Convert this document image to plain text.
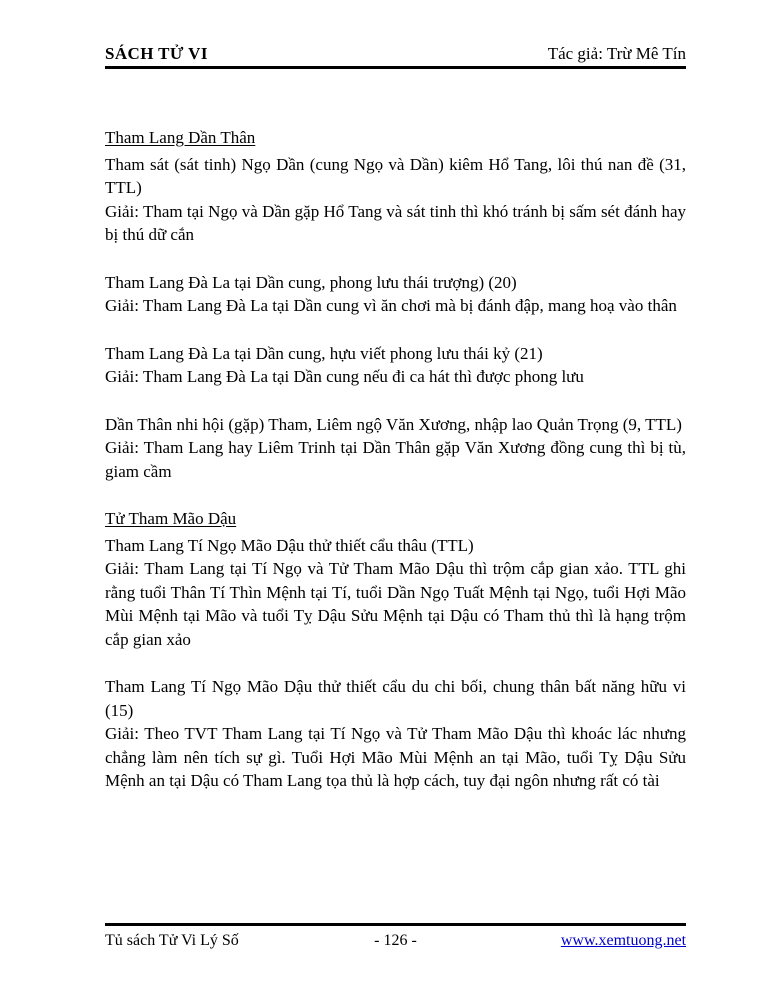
SÁCH TỬ VI	Tác giả: Trừ Mê Tín

Tham Lang Dần Thân

Tham sát (sát tinh) Ngọ Dần (cung Ngọ và Dần) kiêm Hổ Tang, lôi thú nan đề (31, TTL)

Giải: Tham tại Ngọ và Dần gặp Hổ Tang và sát tinh thì khó tránh bị sấm sét đánh hay bị thú dữ cắn

Tham Lang Đà La tại Dần cung, phong lưu thái trượng) (20)

Giải: Tham Lang Đà La tại Dần cung vì ăn chơi mà bị đánh đập, mang hoạ vào thân

Tham Lang Đà La tại Dần cung, hựu viết phong lưu thái kỷ (21)

Giải: Tham Lang Đà La tại Dần cung nếu đi ca hát thì được phong lưu

Dần Thân nhi hội (gặp) Tham, Liêm ngộ Văn Xương, nhập lao Quản Trọng (9, TTL)

Giải: Tham Lang hay Liêm Trinh tại Dần Thân gặp Văn Xương đồng cung thì bị tù, giam cầm

Tử Tham Mão Dậu

Tham Lang Tí Ngọ Mão Dậu thử thiết cẩu thâu (TTL)

Giải: Tham Lang tại Tí Ngọ và Tử Tham Mão Dậu thì trộm cắp gian xảo. TTL ghi rằng tuổi Thân Tí Thìn Mệnh tại Tí, tuổi Dần Ngọ Tuất Mệnh tại Ngọ, tuổi Hợi Mão Mùi Mệnh tại Mão và tuổi Tỵ Dậu Sửu Mệnh tại Dậu có Tham thủ thì là hạng trộm cắp gian xảo

Tham Lang Tí Ngọ Mão Dậu thử thiết cẩu du chi bối, chung thân bất năng hữu vi (15)

Giải: Theo TVT Tham Lang tại Tí Ngọ và Tử Tham Mão Dậu thì khoác lác nhưng chẳng làm nên tích sự gì. Tuổi Hợi Mão Mùi Mệnh an tại Mão, tuổi Tỵ Dậu Sửu Mệnh an tại Dậu có Tham Lang tọa thủ là hợp cách, tuy đại ngôn nhưng rất có tài

Tủ sách Tử Vi Lý Số	- 126 -	www.xemtuong.net
